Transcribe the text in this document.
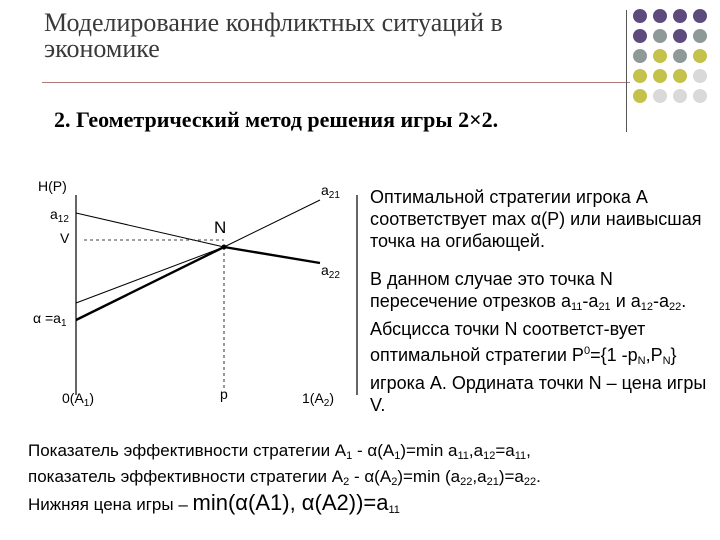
Моделирование конфликтных ситуаций в
экономике
2. Геометрический метод решения игры 2×2.
H(P)	$a_{21}$
$a_{12}$
V
N
$a_{22}$
$\alpha =a_1$
$0(A_1)$	p	$1(A_2)$

Оптимальной стратегии игрока А соответствует max α(P) или наивысшая точка на огибающей.

В данном случае это точка N пересечение отрезков $a_{11}-a_{21}$ и $a_{12}-a_{22}$. Абсцисса точки N соответст-вует оптимальной стратегии $P^0=\{1$ $-p_N,P_N$} игрока А. Ордината точки N – цена игры V.

Показатель эффективности стратегии $A_1 - \alpha(A_1)=\min$ $a_{11},a_{12}=a_{11}$,
показатель эффективности стратегии $A_2 - \alpha(A_2)=\min$ $(a_{22},a_{21})=a_{22}$.
Нижняя цена игры – min(α(A1), $\alpha(A2))=a_{11}$
